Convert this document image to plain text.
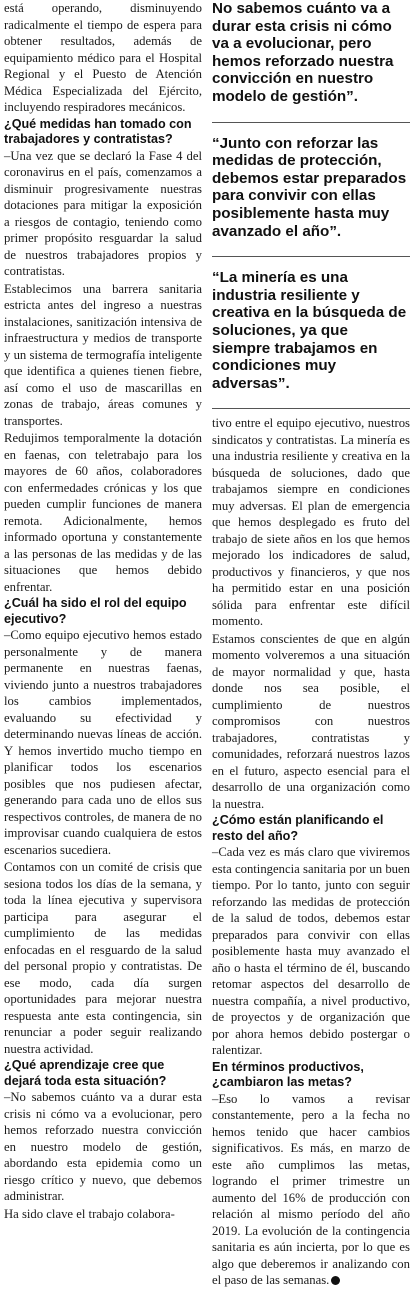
está operando, disminuyendo radicalmente el tiempo de espera para obtener resultados, además de equipamiento médico para el Hospital Regional y el Puesto de Atención Médica Especializada del Ejército, incluyendo respiradores mecánicos.

¿Qué medidas han tomado con trabajadores y contratistas?

–Una vez que se declaró la Fase 4 del coronavirus en el país, comenzamos a disminuir progresivamente nuestras dotaciones para mitigar la exposición a riesgos de contagio, teniendo como primer propósito resguardar la salud de nuestros trabajadores propios y contratistas.

Establecimos una barrera sanitaria estricta antes del ingreso a nuestras instalaciones, sanitización intensiva de infraestructura y medios de transporte y un sistema de termografía inteligente que identifica a quienes tienen fiebre, así como el uso de mascarillas en zonas de trabajo, áreas comunes y transportes.

Redujimos temporalmente la dotación en faenas, con teletrabajo para los mayores de 60 años, colaboradores con enfermedades crónicas y los que pueden cumplir funciones de manera remota. Adicionalmente, hemos informado oportuna y constantemente a las personas de las medidas y de las situaciones que hemos debido enfrentar.

¿Cuál ha sido el rol del equipo ejecutivo?

–Como equipo ejecutivo hemos estado personalmente y de manera permanente en nuestras faenas, viviendo junto a nuestros trabajadores los cambios implementados, evaluando su efectividad y determinando nuevas líneas de acción. Y hemos invertido mucho tiempo en planificar todos los escenarios posibles que nos pudiesen afectar, generando para cada uno de ellos sus respectivos controles, de manera de no improvisar cuando cualquiera de estos escenarios sucediera.

Contamos con un comité de crisis que sesiona todos los días de la semana, y toda la línea ejecutiva y supervisora participa para asegurar el cumplimiento de las medidas enfocadas en el resguardo de la salud del personal propio y contratistas. De ese modo, cada día surgen oportunidades para mejorar nuestra respuesta ante esta contingencia, sin renunciar a poder seguir realizando nuestra actividad.

¿Qué aprendizaje cree que dejará toda esta situación?

–No sabemos cuánto va a durar esta crisis ni cómo va a evolucionar, pero hemos reforzado nuestra convicción en nuestro modelo de gestión, abordando esta epidemia como un riesgo crítico y nuevo, que debemos administrar.

Ha sido clave el trabajo colabora-

No sabemos cuánto va a durar esta crisis ni cómo va a evolucionar, pero hemos reforzado nuestra convicción en nuestro modelo de gestión”.
“Junto con reforzar las medidas de protección, debemos estar preparados para convivir con ellas posiblemente hasta muy avanzado el año”.
“La minería es una industria resiliente y creativa en la búsqueda de soluciones, ya que siempre trabajamos en condiciones muy adversas”.

tivo entre el equipo ejecutivo, nuestros sindicatos y contratistas. La minería es una industria resiliente y creativa en la búsqueda de soluciones, dado que trabajamos siempre en condiciones muy adversas. El plan de emergencia que hemos desplegado es fruto del trabajo de siete años en los que hemos mejorado los indicadores de salud, productivos y financieros, y que nos ha permitido estar en una posición sólida para enfrentar este difícil momento.

Estamos conscientes de que en algún momento volveremos a una situación de mayor normalidad y que, hasta donde nos sea posible, el cumplimiento de nuestros compromisos con nuestros trabajadores, contratistas y comunidades, reforzará nuestros lazos en el futuro, aspecto esencial para el desarrollo de una organización como la nuestra.

¿Cómo están planificando el resto del año?

–Cada vez es más claro que viviremos esta contingencia sanitaria por un buen tiempo. Por lo tanto, junto con seguir reforzando las medidas de protección de la salud de todos, debemos estar preparados para convivir con ellas posiblemente hasta muy avanzado el año o hasta el término de él, buscando retomar aspectos del desarrollo de nuestra compañía, a nivel productivo, de proyectos y de organización que por ahora hemos debido postergar o ralentizar.

En términos productivos, ¿cambiaron las metas?

–Eso lo vamos a revisar constantemente, pero a la fecha no hemos tenido que hacer cambios significativos. Es más, en marzo de este año cumplimos las metas, logrando el primer trimestre un aumento del 16% de producción con relación al mismo período del año 2019. La evolución de la contingencia sanitaria es aún incierta, por lo que es algo que deberemos ir analizando con el paso de las semanas.
